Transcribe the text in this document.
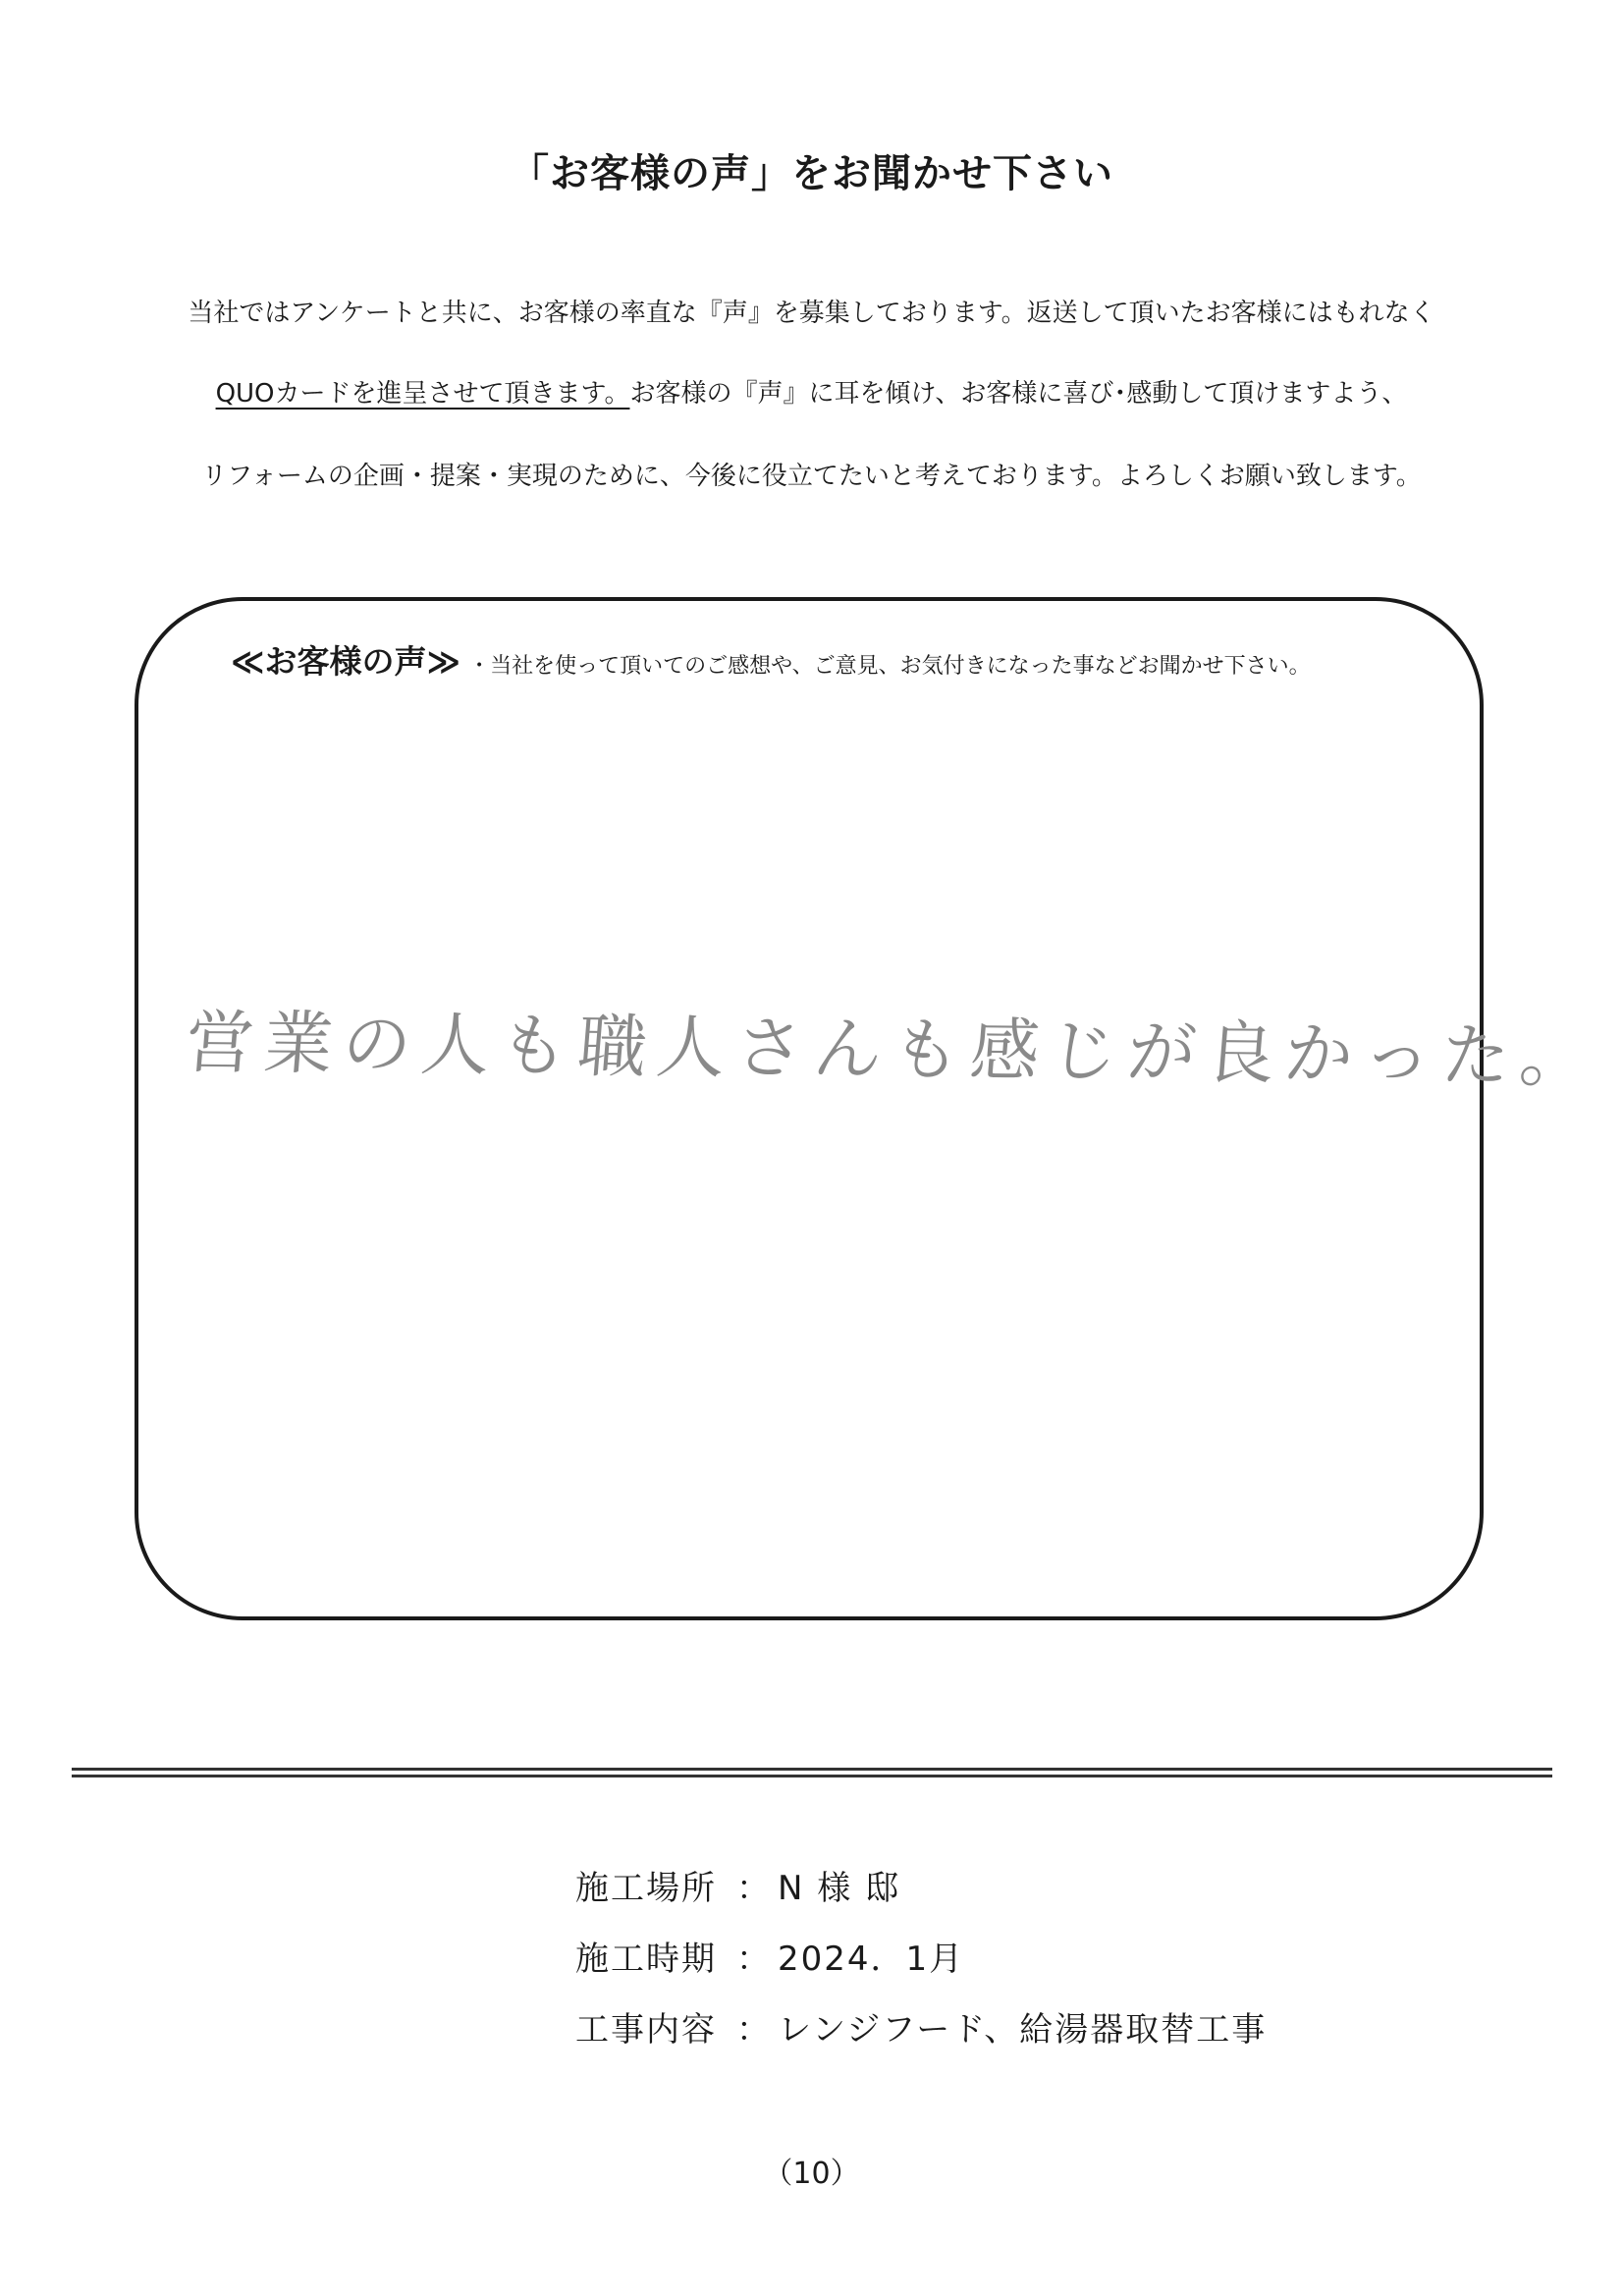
「お客様の声」をお聞かせ下さい

当社ではアンケートと共に、お客様の率直な『声』を募集しております。返送して頂いたお客様にはもれなく

QUOカードを進呈させて頂きます。お客様の『声』に耳を傾け、お客様に喜び･感動して頂けますよう、

リフォームの企画・提案・実現のために、今後に役立てたいと考えております。よろしくお願い致します。

≪お客様の声≫ ・当社を使って頂いてのご感想や、ご意見、お気付きになった事などお聞かせ下さい。
営業の人も職人さんも感じが良かった。
施工場所 ： N 様 邸
施工時期 ： 2024．1月
工事内容 ： レンジフード、給湯器取替工事
（10）
